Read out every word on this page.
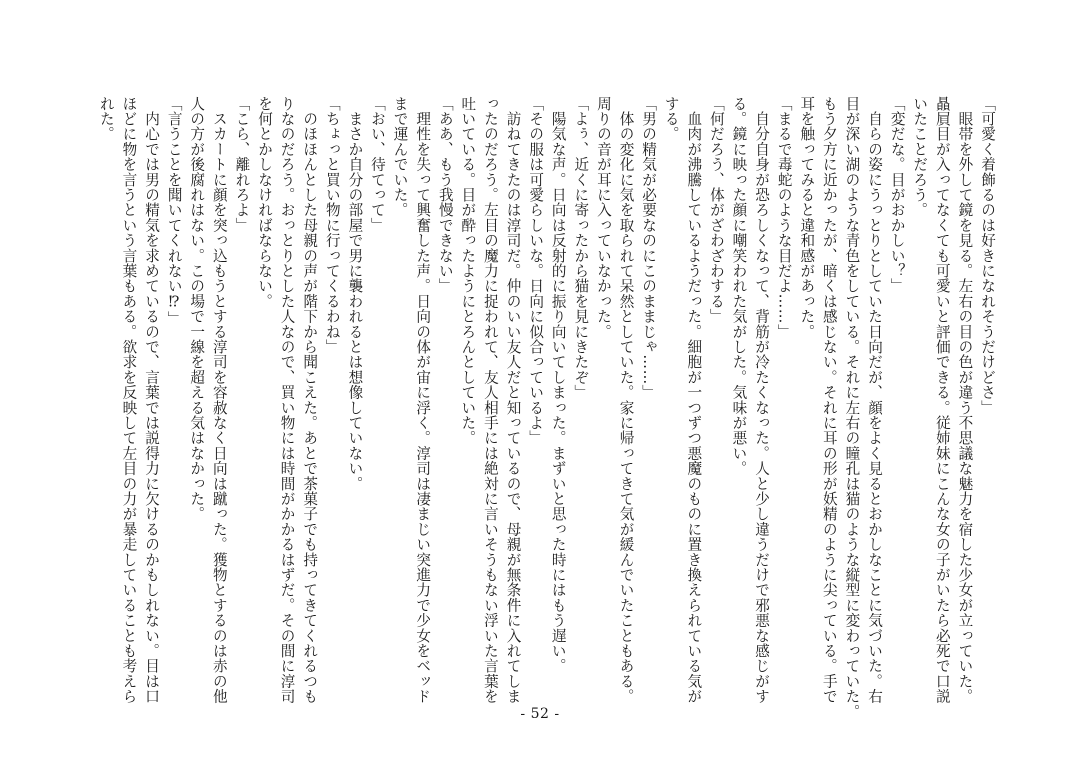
「可愛く着飾るのは好きになれそうだけどさ」
　眼帯を外して鏡を見る。左右の目の色が違う不思議な魅力を宿した少女が立っていた。
贔屓目が入ってなくても可愛いと評価できる。従姉妹にこんな女の子がいたら必死で口説
いたことだろう。
「変だな。目がおかしい？」
　自らの姿にうっとりとしていた日向だが、顔をよく見るとおかしなことに気づいた。右
目が深い湖のような青色をしている。それに左右の瞳孔は猫のような縦型に変わっていた。
もう夕方に近かったが、暗くは感じない。それに耳の形が妖精のように尖っている。手で
耳を触ってみると違和感があった。
「まるで毒蛇のような目だよ……」
　自分自身が恐ろしくなって、背筋が冷たくなった。人と少し違うだけで邪悪な感じがす
る。鏡に映った顔に嘲笑われた気がした。気味が悪い。
「何だろう、体がざわざわする」
　血肉が沸騰しているようだった。細胞が一つずつ悪魔のものに置き換えられている気が
する。
「男の精気が必要なのにこのままじゃ……」
　体の変化に気を取られて呆然としていた。家に帰ってきて気が緩んでいたこともある。
周りの音が耳に入っていなかった。
「よぅ、近くに寄ったから猫を見にきたぞ」
　陽気な声。日向は反射的に振り向いてしまった。まずいと思った時にはもう遅い。
「その服は可愛らしいな。日向に似合っているよ」
　訪ねてきたのは淳司だ。仲のいい友人だと知っているので、母親が無条件に入れてしま
ったのだろう。左目の魔力に捉われて、友人相手には絶対に言いそうもない浮いた言葉を
吐いている。目が酔ったようにとろんとしていた。
「ああ、もう我慢できない」
　理性を失って興奮した声。日向の体が宙に浮く。淳司は凄まじい突進力で少女をベッド
まで運んでいた。
「おい、待てって」
　まさか自分の部屋で男に襲われるとは想像していない。
「ちょっと買い物に行ってくるわね」
　のほほんとした母親の声が階下から聞こえた。あとで茶菓子でも持ってきてくれるつも
りなのだろう。おっとりとした人なので、買い物には時間がかかるはずだ。その間に淳司
を何とかしなければならない。
「こら、離れろよ」
　スカートに顔を突っ込もうとする淳司を容赦なく日向は蹴った。獲物とするのは赤の他
人の方が後腐れはない。この場で一線を超える気はなかった。
「言うことを聞いてくれない⁉」
　内心では男の精気を求めているので、言葉では説得力に欠けるのかもしれない。目は口
ほどに物を言うという言葉もある。欲求を反映して左目の力が暴走していることも考えら
れた。
- 52 -
